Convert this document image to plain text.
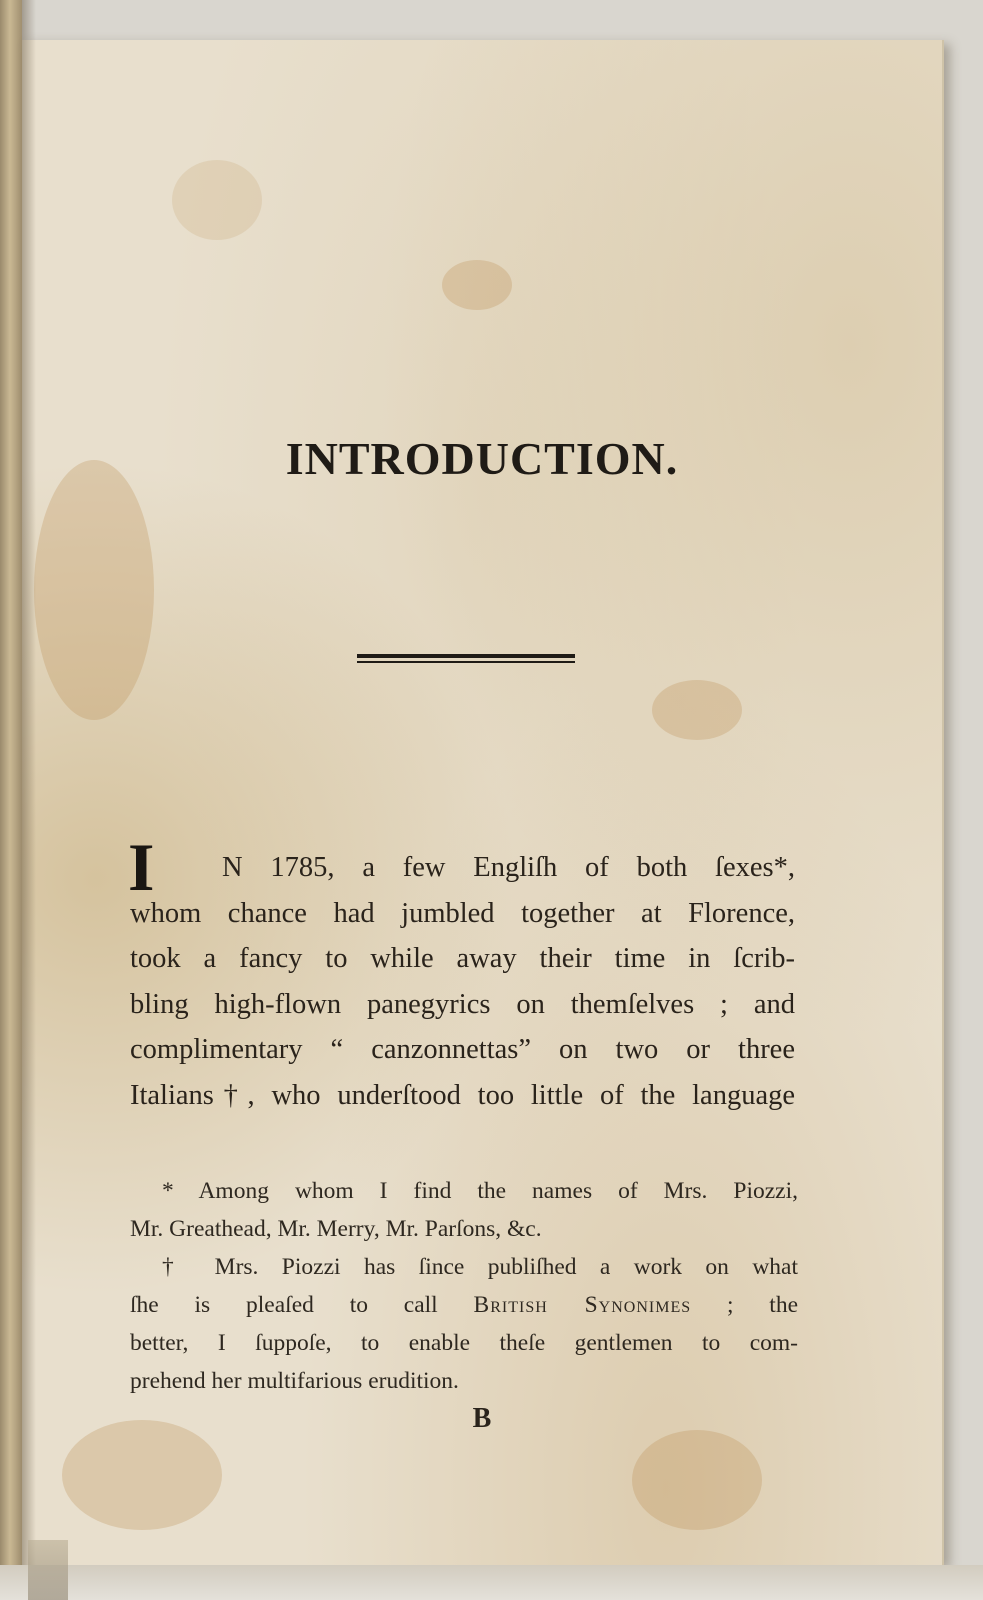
INTRODUCTION.
I	N 1785, a few Engliſh of both ſexes*,
whom chance had jumbled together at Florence,
took a fancy to while away their time in ſcrib-
bling high-flown panegyrics on themſelves ; and
complimentary “ canzonnettas” on two or three
Italians†, who underſtood too little of the language
* Among whom I find the names of Mrs. Piozzi,
Mr. Greathead, Mr. Merry, Mr. Parſons, &c.
† Mrs. Piozzi has ſince publiſhed a work on what
ſhe is pleaſed to call British Synonimes ; the
better, I ſuppoſe, to enable theſe gentlemen to com-
prehend her multifarious erudition.
B
